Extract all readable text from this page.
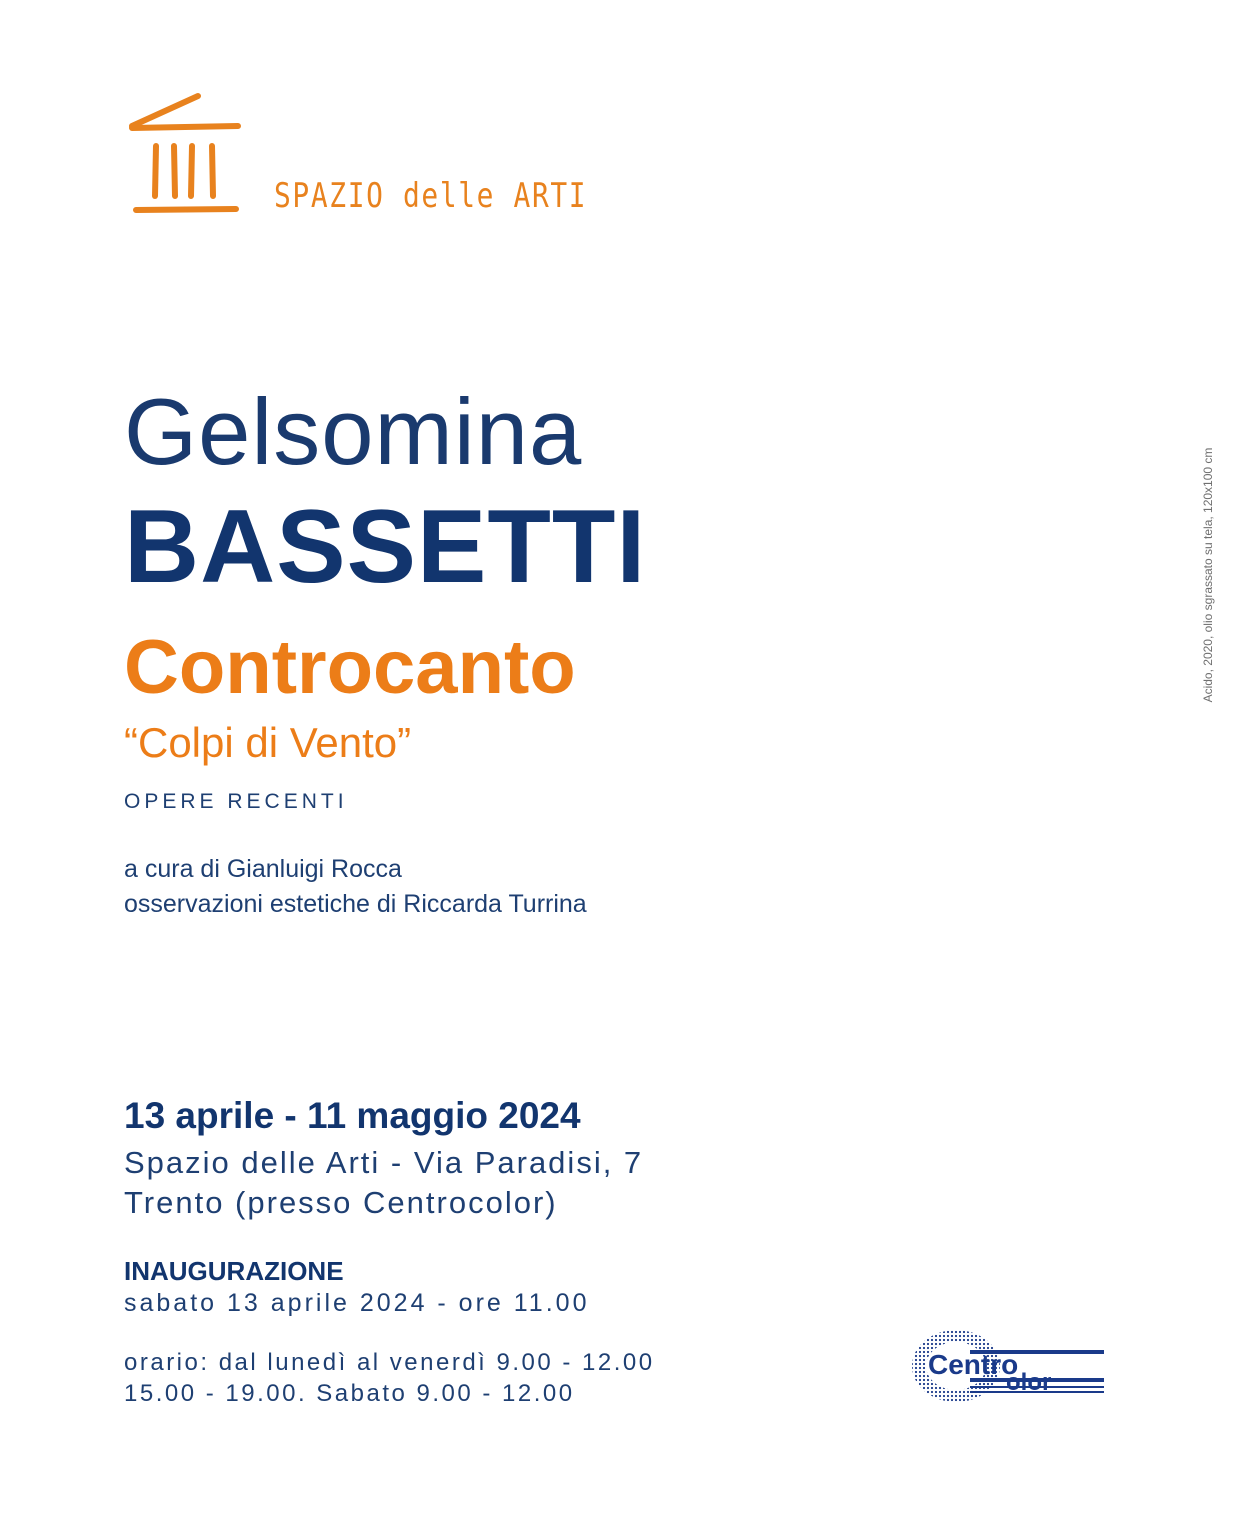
SPAZIO delle ARTI
Gelsomina
BASSETTI
Controcanto
“Colpi di Vento”
OPERE RECENTI
a cura di Gianluigi Rocca
osservazioni estetiche di Riccarda Turrina
13 aprile - 11 maggio 2024
Spazio delle Arti - Via Paradisi, 7
Trento (presso Centrocolor)
INAUGURAZIONE
sabato 13 aprile 2024 - ore 11.00
orario: dal lunedì al venerdì 9.00 - 12.00
15.00 - 19.00. Sabato 9.00 - 12.00
Acido, 2020, olio sgrassato su tela, 120x100 cm
Centro
olor
